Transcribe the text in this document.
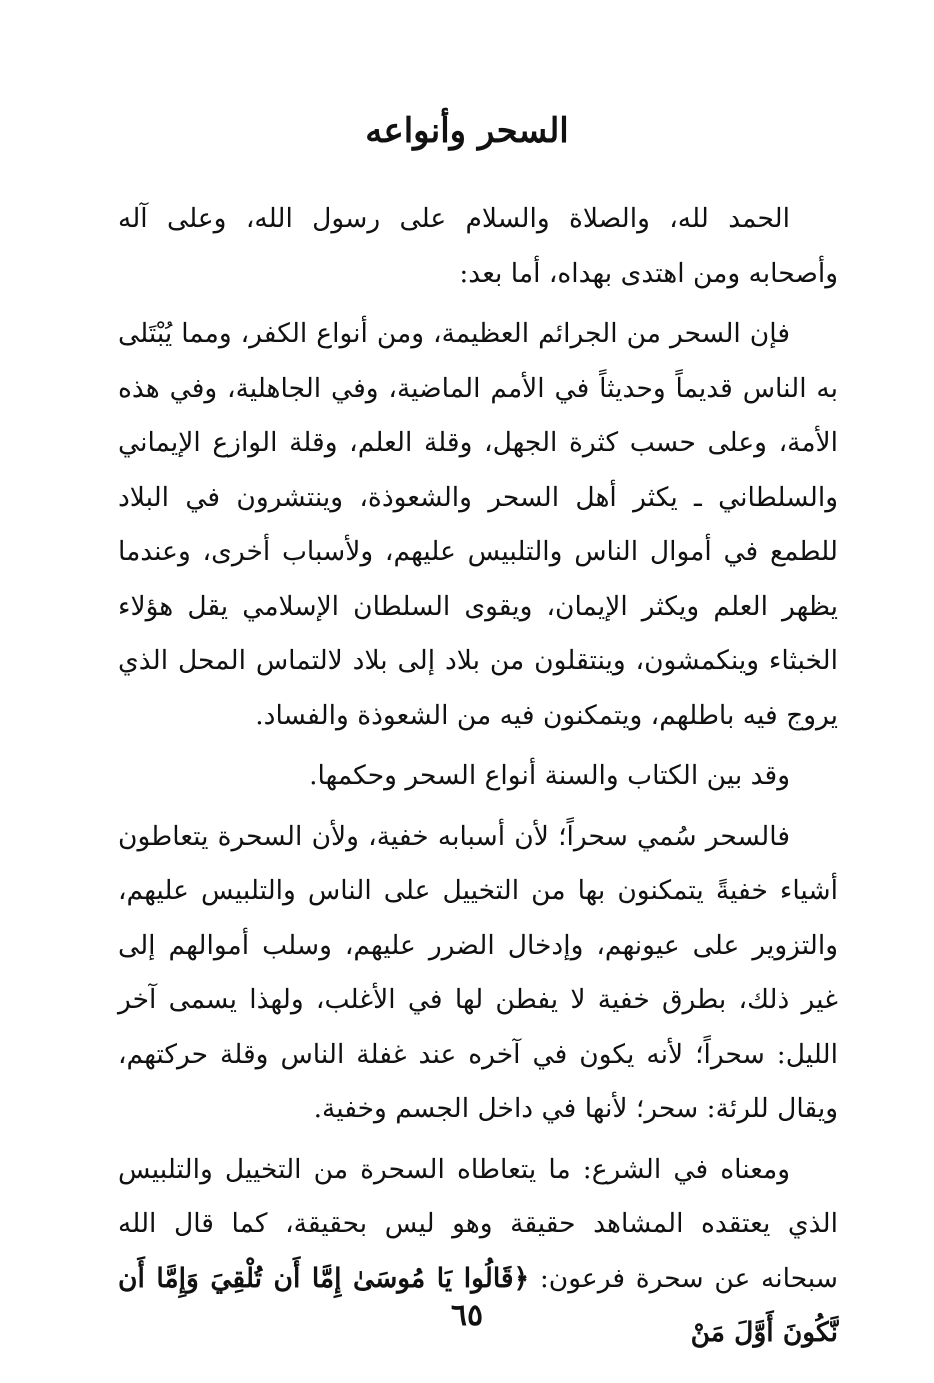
السحر وأنواعه

الحمد لله، والصلاة والسلام على رسول الله، وعلى آله وأصحابه ومن اهتدى بهداه، أما بعد:

فإن السحر من الجرائم العظيمة، ومن أنواع الكفر، ومما يُبْتَلى به الناس قديماً وحديثاً في الأمم الماضية، وفي الجاهلية، وفي هذه الأمة، وعلى حسب كثرة الجهل، وقلة العلم، وقلة الوازع الإيماني والسلطاني ـ يكثر أهل السحر والشعوذة، وينتشرون في البلاد للطمع في أموال الناس والتلبيس عليهم، ولأسباب أخرى، وعندما يظهر العلم ويكثر الإيمان، ويقوى السلطان الإسلامي يقل هؤلاء الخبثاء وينكمشون، وينتقلون من بلاد إلى بلاد لالتماس المحل الذي يروج فيه باطلهم، ويتمكنون فيه من الشعوذة والفساد.

وقد بين الكتاب والسنة أنواع السحر وحكمها.

فالسحر سُمي سحراً؛ لأن أسبابه خفية، ولأن السحرة يتعاطون أشياء خفيةً يتمكنون بها من التخييل على الناس والتلبيس عليهم، والتزوير على عيونهم، وإدخال الضرر عليهم، وسلب أموالهم إلى غير ذلك، بطرق خفية لا يفطن لها في الأغلب، ولهذا يسمى آخر الليل: سحراً؛ لأنه يكون في آخره عند غفلة الناس وقلة حركتهم، ويقال للرئة: سحر؛ لأنها في داخل الجسم وخفية.

ومعناه في الشرع: ما يتعاطاه السحرة من التخييل والتلبيس الذي يعتقده المشاهد حقيقة وهو ليس بحقيقة، كما قال الله سبحانه عن سحرة فرعون: ﴿قَالُوا يَا مُوسَىٰ إِمَّا أَن تُلْقِيَ وَإِمَّا أَن نَّكُونَ أَوَّلَ مَنْ

٦٥
